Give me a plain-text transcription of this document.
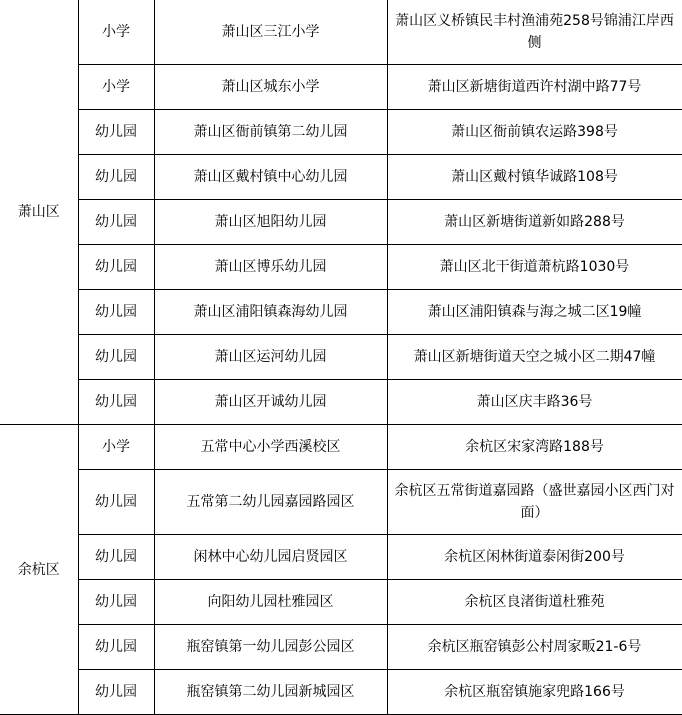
萧山区	小学	萧山区三江小学	萧山区义桥镇民丰村渔浦苑258号锦浦江岸西侧
	小学	萧山区城东小学	萧山区新塘街道西许村湖中路77号
	幼儿园	萧山区衙前镇第二幼儿园	萧山区衙前镇农运路398号
	幼儿园	萧山区戴村镇中心幼儿园	萧山区戴村镇华诚路108号
	幼儿园	萧山区旭阳幼儿园	萧山区新塘街道新如路288号
	幼儿园	萧山区博乐幼儿园	萧山区北干街道萧杭路1030号
	幼儿园	萧山区浦阳镇森海幼儿园	萧山区浦阳镇森与海之城二区19幢
	幼儿园	萧山区运河幼儿园	萧山区新塘街道天空之城小区二期47幢
	幼儿园	萧山区开诚幼儿园	萧山区庆丰路36号
余杭区	小学	五常中心小学西溪校区	余杭区宋家湾路188号
	幼儿园	五常第二幼儿园嘉园路园区	余杭区五常街道嘉园路（盛世嘉园小区西门对面）
	幼儿园	闲林中心幼儿园启贤园区	余杭区闲林街道泰闲街200号
	幼儿园	向阳幼儿园杜雅园区	余杭区良渚街道杜雅苑
	幼儿园	瓶窑镇第一幼儿园彭公园区	余杭区瓶窑镇彭公村周家畈21-6号
	幼儿园	瓶窑镇第二幼儿园新城园区	余杭区瓶窑镇施家兜路166号
